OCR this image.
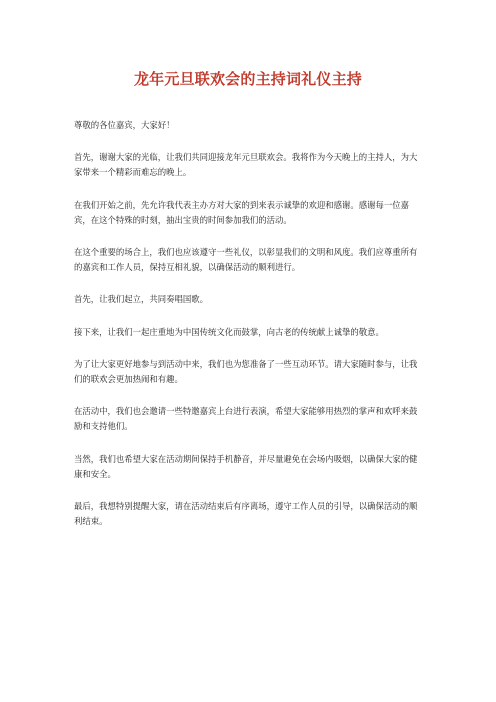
龙年元旦联欢会的主持词礼仪主持

尊敬的各位嘉宾，大家好！

首先，谢谢大家的光临，让我们共同迎接龙年元旦联欢会。我将作为今天晚上的主持人，为大家带来一个精彩而难忘的晚上。

在我们开始之前，先允许我代表主办方对大家的到来表示诚挚的欢迎和感谢。感谢每一位嘉宾，在这个特殊的时刻，抽出宝贵的时间参加我们的活动。

在这个重要的场合上，我们也应该遵守一些礼仪，以彰显我们的文明和风度。我们应尊重所有的嘉宾和工作人员，保持互相礼貌，以确保活动的顺利进行。

首先，让我们起立，共同奏唱国歌。

接下来，让我们一起庄重地为中国传统文化而鼓掌，向古老的传统献上诚挚的敬意。

为了让大家更好地参与到活动中来，我们也为您准备了一些互动环节。请大家随时参与，让我们的联欢会更加热闹和有趣。

在活动中，我们也会邀请一些特邀嘉宾上台进行表演，希望大家能够用热烈的掌声和欢呼来鼓励和支持他们。

当然，我们也希望大家在活动期间保持手机静音，并尽量避免在会场内吸烟，以确保大家的健康和安全。

最后，我想特别提醒大家，请在活动结束后有序离场，遵守工作人员的引导，以确保活动的顺利结束。
